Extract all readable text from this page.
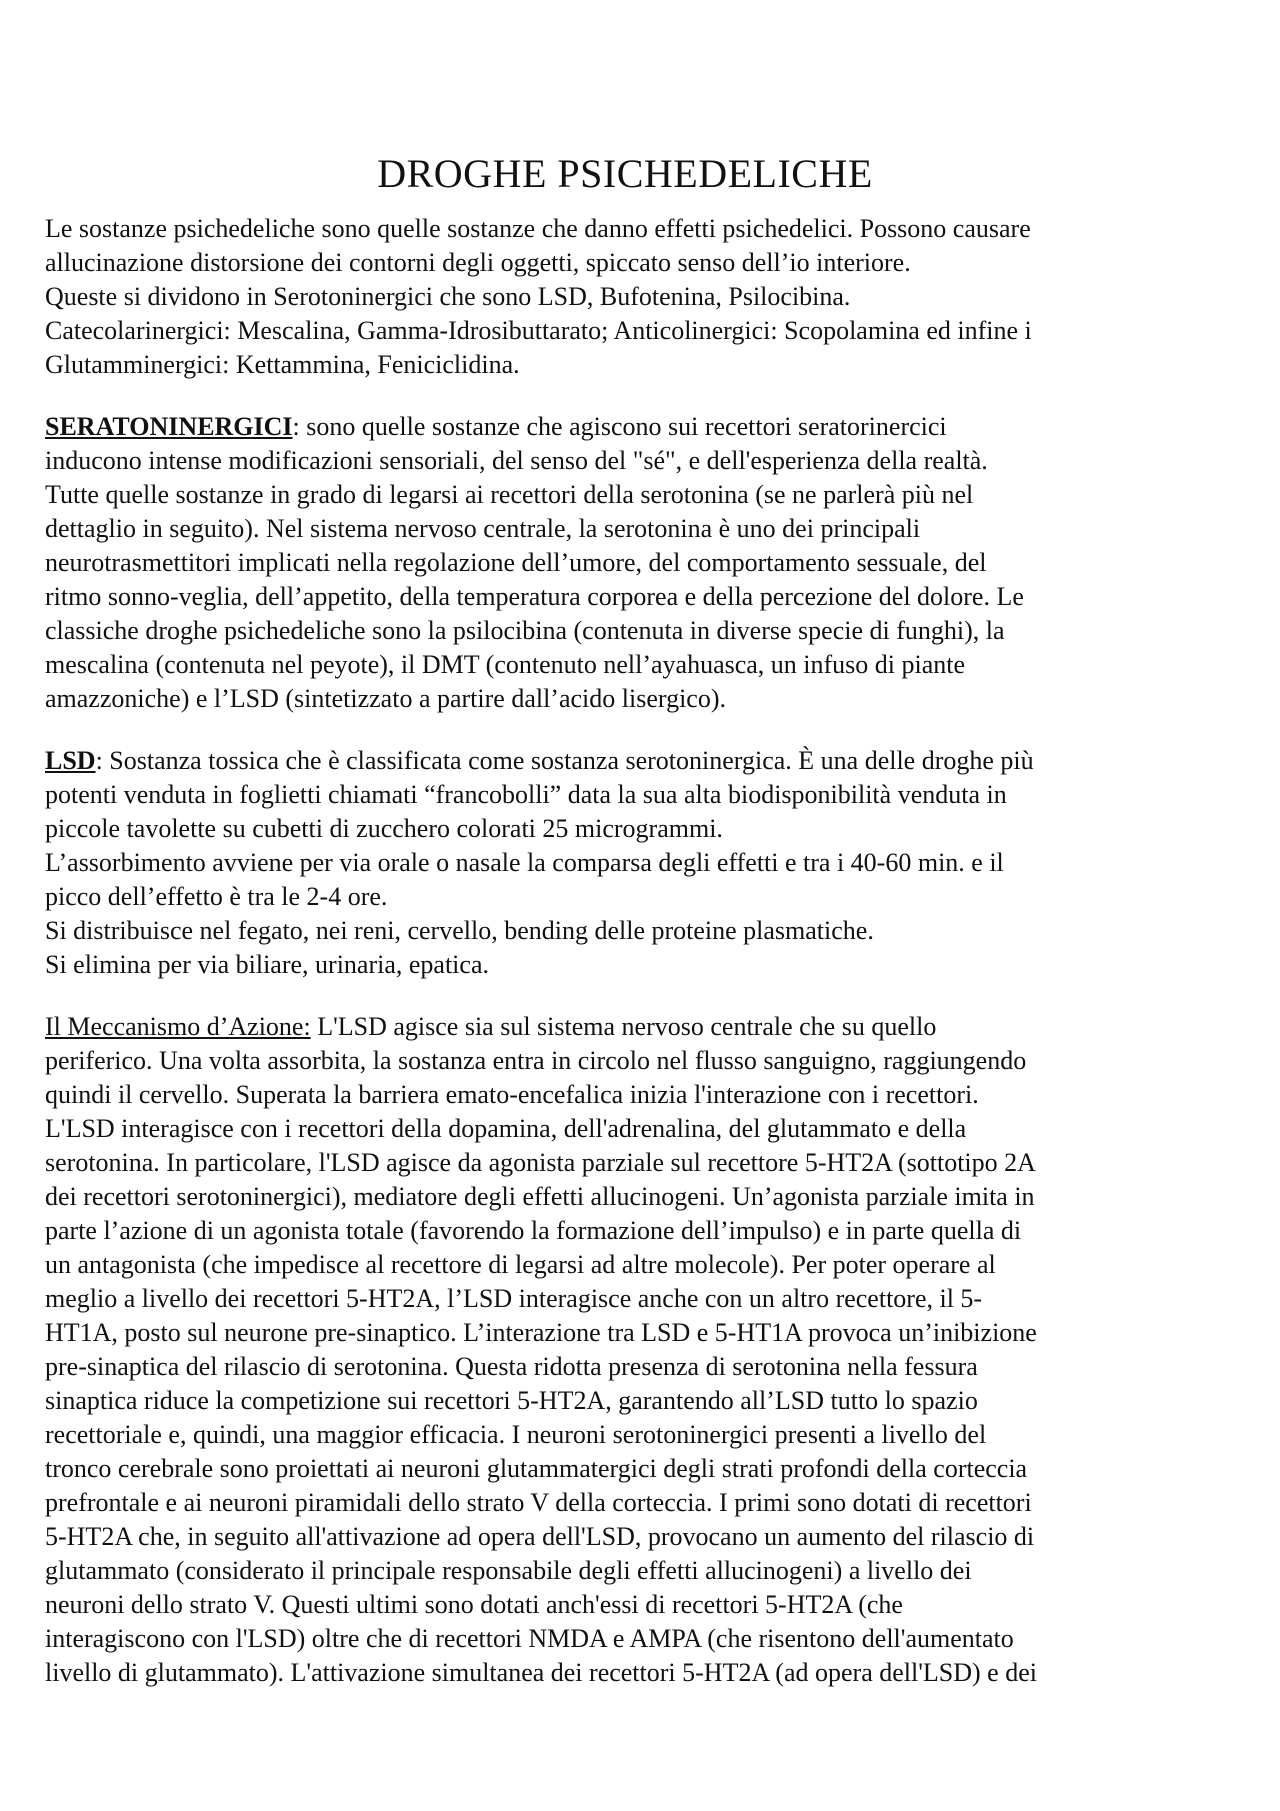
DROGHE PSICHEDELICHE

Le sostanze psichedeliche sono quelle sostanze che danno effetti psichedelici. Possono causare

allucinazione distorsione dei contorni degli oggetti, spiccato senso dell’io interiore.

Queste si dividono in Serotoninergici che sono LSD, Bufotenina, Psilocibina.

Catecolarinergici: Mescalina, Gamma-Idrosibuttarato; Anticolinergici: Scopolamina ed infine i

Glutamminergici: Kettammina, Feniciclidina.

SERATONINERGICI: sono quelle sostanze che agiscono sui recettori seratorinercici

inducono intense modificazioni sensoriali, del senso del "sé", e dell'esperienza della realtà.

Tutte quelle sostanze in grado di legarsi ai recettori della serotonina (se ne parlerà più nel

dettaglio in seguito). Nel sistema nervoso centrale, la serotonina è uno dei principali

neurotrasmettitori implicati nella regolazione dell’umore, del comportamento sessuale, del

ritmo sonno-veglia, dell’appetito, della temperatura corporea e della percezione del dolore. Le

classiche droghe psichedeliche sono la psilocibina (contenuta in diverse specie di funghi), la

mescalina (contenuta nel peyote), il DMT (contenuto nell’ayahuasca, un infuso di piante

amazzoniche) e l’LSD (sintetizzato a partire dall’acido lisergico).

LSD: Sostanza tossica che è classificata come sostanza serotoninergica. È una delle droghe più

potenti venduta in foglietti chiamati “francobolli” data la sua alta biodisponibilità venduta in

piccole tavolette su cubetti di zucchero colorati 25 microgrammi.

L’assorbimento avviene per via orale o nasale la comparsa degli effetti e tra i 40-60 min. e il

picco dell’effetto è tra le 2-4 ore.

Si distribuisce nel fegato, nei reni, cervello, bending delle proteine plasmatiche.

Si elimina per via biliare, urinaria, epatica.

Il Meccanismo d’Azione: L'LSD agisce sia sul sistema nervoso centrale che su quello

periferico. Una volta assorbita, la sostanza entra in circolo nel flusso sanguigno, raggiungendo

quindi il cervello. Superata la barriera emato-encefalica inizia l'interazione con i recettori.

L'LSD interagisce con i recettori della dopamina, dell'adrenalina, del glutammato e della

serotonina. In particolare, l'LSD agisce da agonista parziale sul recettore 5-HT2A (sottotipo 2A

dei recettori serotoninergici), mediatore degli effetti allucinogeni. Un’agonista parziale imita in

parte l’azione di un agonista totale (favorendo la formazione dell’impulso) e in parte quella di

un antagonista (che impedisce al recettore di legarsi ad altre molecole). Per poter operare al

meglio a livello dei recettori 5-HT2A, l’LSD interagisce anche con un altro recettore, il 5-

HT1A, posto sul neurone pre-sinaptico. L’interazione tra LSD e 5-HT1A provoca un’inibizione

pre-sinaptica del rilascio di serotonina. Questa ridotta presenza di serotonina nella fessura

sinaptica riduce la competizione sui recettori 5-HT2A, garantendo all’LSD tutto lo spazio

recettoriale e, quindi, una maggior efficacia. I neuroni serotoninergici presenti a livello del

tronco cerebrale sono proiettati ai neuroni glutammatergici degli strati profondi della corteccia

prefrontale e ai neuroni piramidali dello strato V della corteccia. I primi sono dotati di recettori

5-HT2A che, in seguito all'attivazione ad opera dell'LSD, provocano un aumento del rilascio di

glutammato (considerato il principale responsabile degli effetti allucinogeni) a livello dei

neuroni dello strato V. Questi ultimi sono dotati anch'essi di recettori 5-HT2A (che

interagiscono con l'LSD) oltre che di recettori NMDA e AMPA (che risentono dell'aumentato

livello di glutammato). L'attivazione simultanea dei recettori 5-HT2A (ad opera dell'LSD) e dei
